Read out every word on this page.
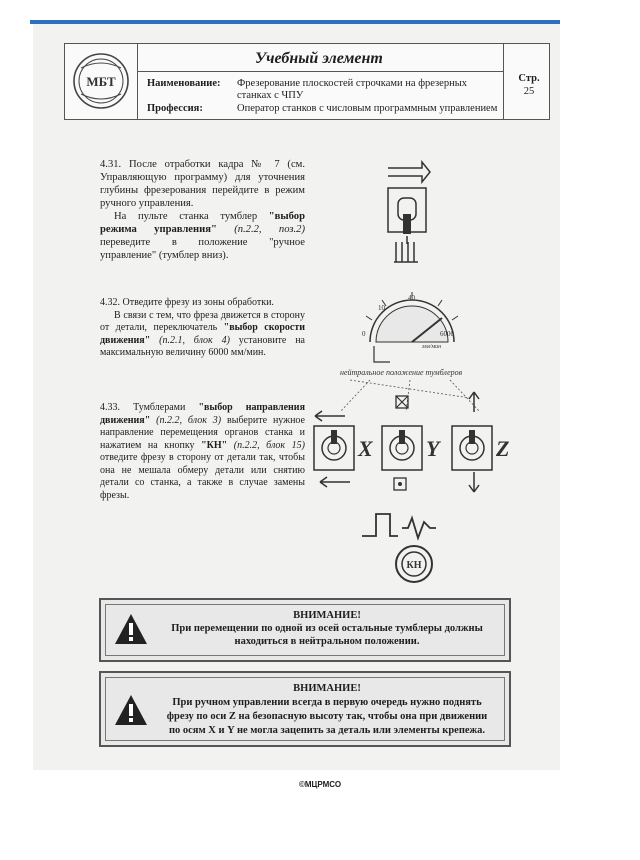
МБТ
Учебный элемент
Наименование: Фрезерование плоскостей строчками на фрезерных
станках с ЧПУ
Профессия:	Оператор станков с числовым программным управлением
Стр.
25

4.31. После отработки кадра № 7 (см. Управляющую программу) для уточнения глубины фрезерования перейдите в режим ручного управления.

На пульте станка тумблер "выбор режима управления" (п.2.2, поз.2) переведите в положение "ручное управление" (тумблер вниз).

4.32. Отведите фрезу из зоны обработки.

В связи с тем, что фреза движется в сторону от детали, переключатель "выбор скорости движения" (п.2.1, блок 4) установите на максимальную величину 6000 мм/мин.

4.33. Тумблерами "выбор направления движения" (п.2.2, блок 3) выберите нужное направление перемещения органов станка и нажатием на кнопку "КН" (п.2.2, блок 15) отведите фрезу в сторону от детали так, чтобы она не мешала обмеру детали или снятию детали со станка, а также в случае замены фрезы.

0
10
40
6000
мм/мин
нейтральное положение тумблеров
X Y	Z
КН
ВНИМАНИЕ!
При перемещении по одной из осей остальные тумблеры должны
находиться в нейтральном положении.
ВНИМАНИЕ!
При ручном управлении всегда в первую очередь нужно поднять
фрезу по оси Z на безопасную высоту так, чтобы она при движении
по осям X и Y не могла зацепить за деталь или элементы крепежа.
©МЦРМСО
